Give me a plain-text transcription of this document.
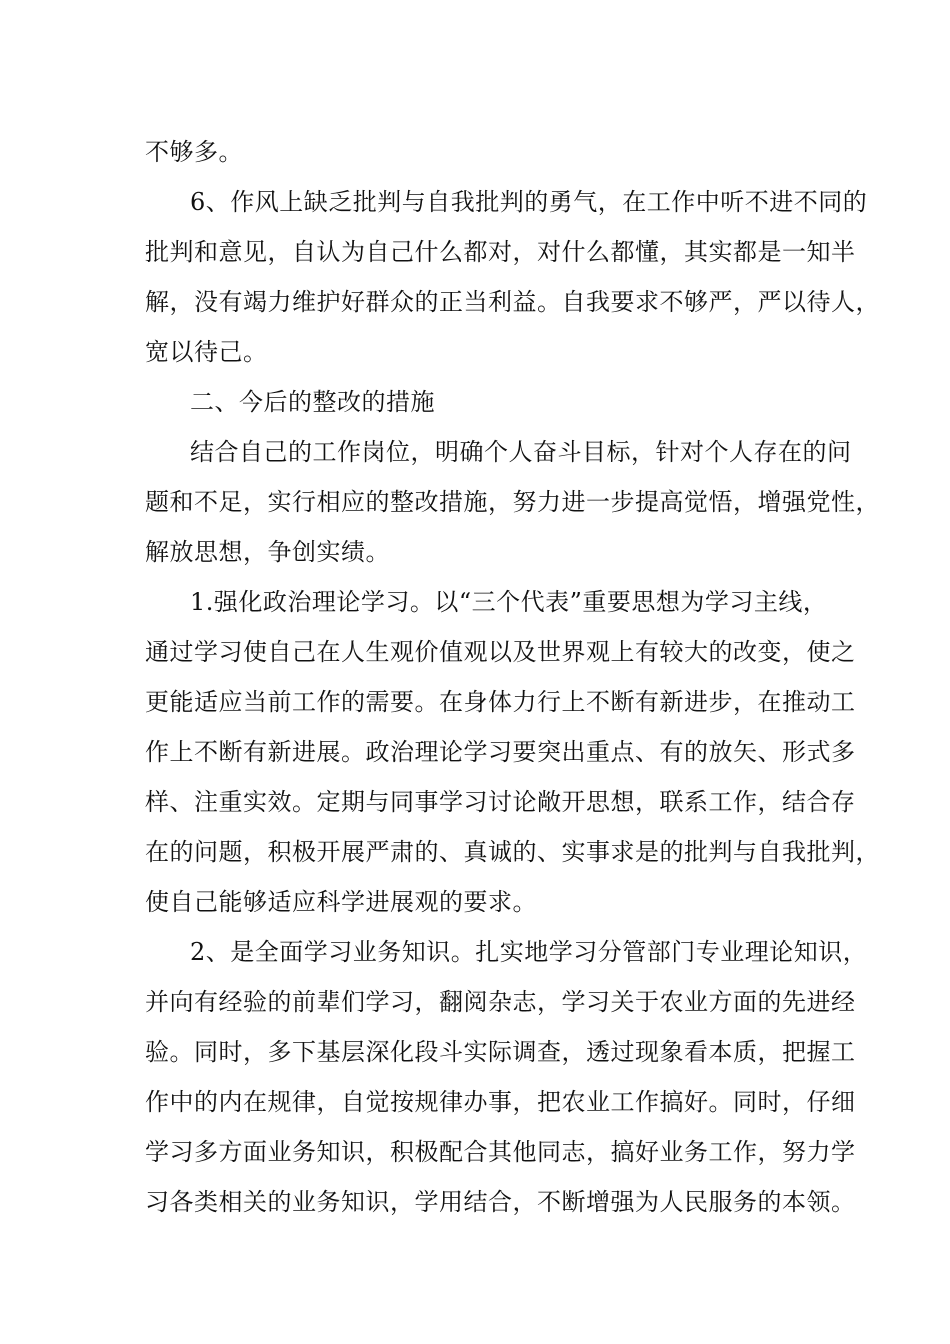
不够多。
6、作风上缺乏批判与自我批判的勇气，在工作中听不进不同的
批判和意见，自认为自己什么都对，对什么都懂，其实都是一知半
解，没有竭力维护好群众的正当利益。自我要求不够严，严以待人，
宽以待己。
二、今后的整改的措施
结合自己的工作岗位，明确个人奋斗目标，针对个人存在的问
题和不足，实行相应的整改措施，努力进一步提高觉悟，增强党性，
解放思想，争创实绩。
1.强化政治理论学习。以“三个代表”重要思想为学习主线，
通过学习使自己在人生观价值观以及世界观上有较大的改变，使之
更能适应当前工作的需要。在身体力行上不断有新进步，在推动工
作上不断有新进展。政治理论学习要突出重点、有的放矢、形式多
样、注重实效。定期与同事学习讨论敞开思想，联系工作，结合存
在的问题，积极开展严肃的、真诚的、实事求是的批判与自我批判，
使自己能够适应科学进展观的要求。
2、是全面学习业务知识。扎实地学习分管部门专业理论知识，
并向有经验的前辈们学习，翻阅杂志，学习关于农业方面的先进经
验。同时，多下基层深化段斗实际调查，透过现象看本质，把握工
作中的内在规律，自觉按规律办事，把农业工作搞好。同时，仔细
学习多方面业务知识，积极配合其他同志，搞好业务工作，努力学
习各类相关的业务知识，学用结合，不断增强为人民服务的本领。
